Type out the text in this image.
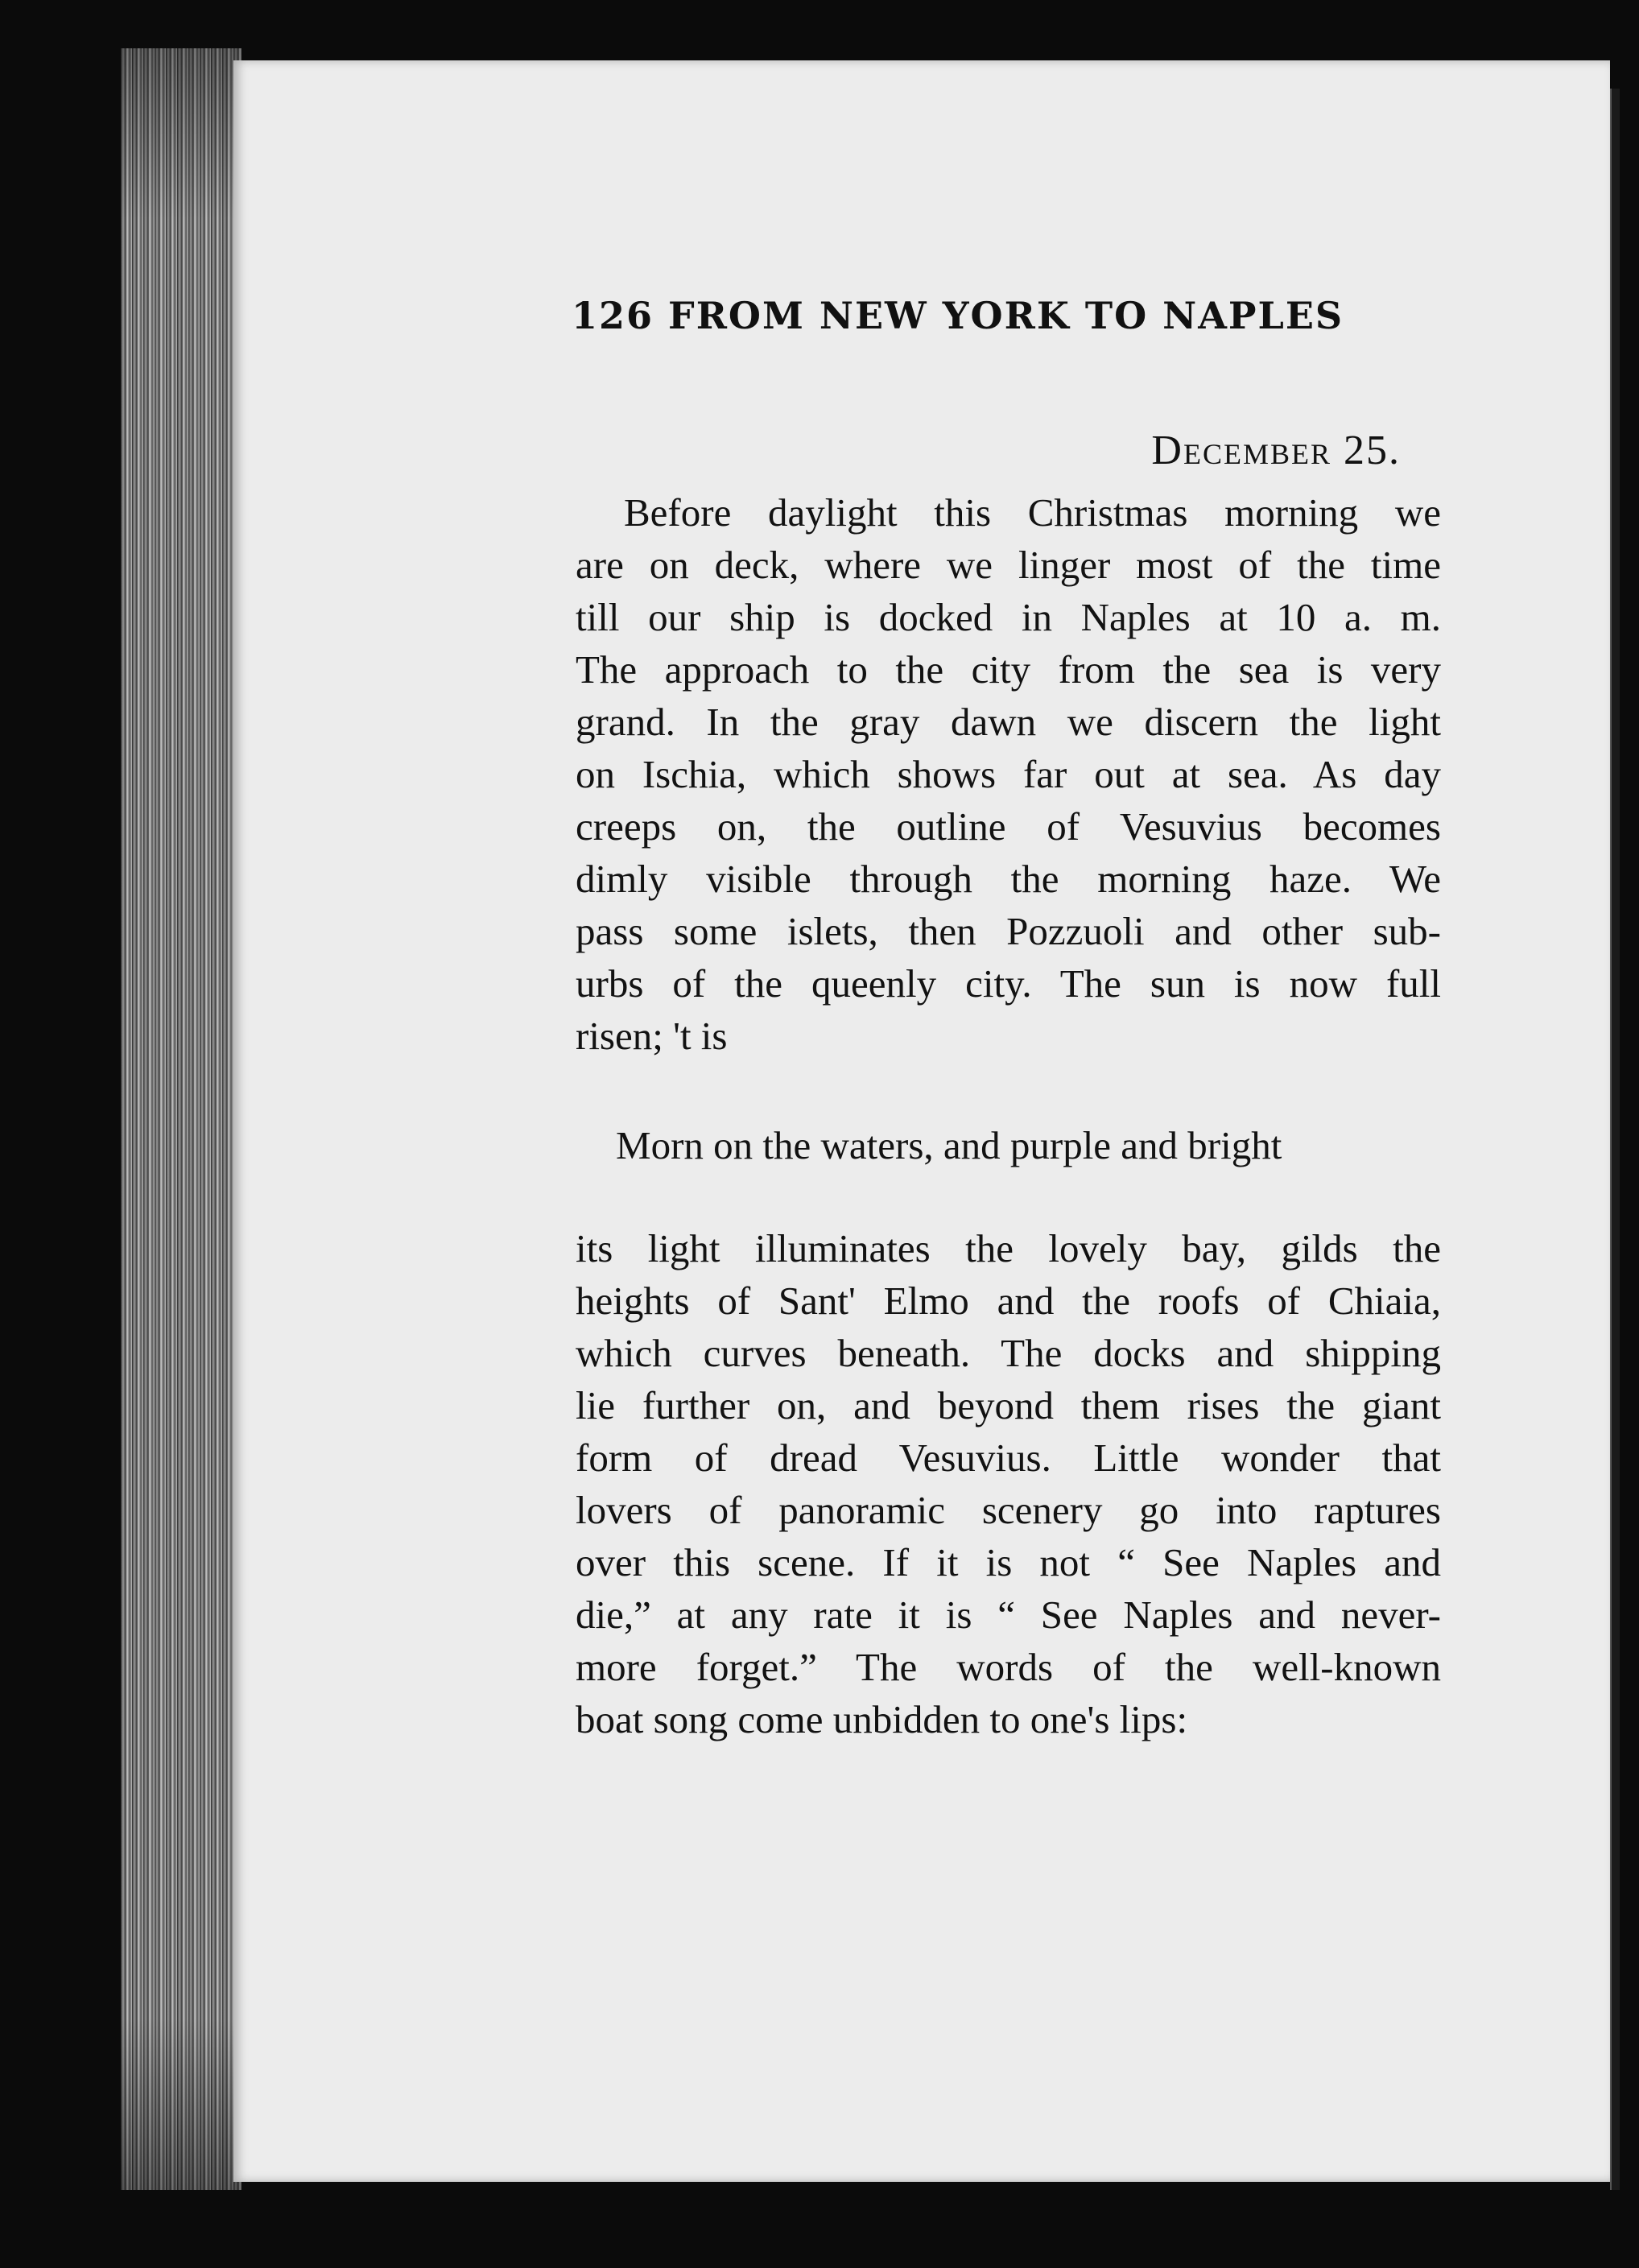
126 FROM NEW YORK TO NAPLES
December 25.
Before daylight this Christmas morning we
are on deck, where we linger most of the time
till our ship is docked in Naples at 10 a. m.
The approach to the city from the sea is very
grand. In the gray dawn we discern the light
on Ischia, which shows far out at sea. As day
creeps on, the outline of Vesuvius becomes
dimly visible through the morning haze. We
pass some islets, then Pozzuoli and other sub-
urbs of the queenly city. The sun is now full
risen; 't is
Morn on the waters, and purple and bright
its light illuminates the lovely bay, gilds the
heights of Sant' Elmo and the roofs of Chiaia,
which curves beneath. The docks and shipping
lie further on, and beyond them rises the giant
form of dread Vesuvius. Little wonder that
lovers of panoramic scenery go into raptures
over this scene. If it is not “ See Naples and
die,” at any rate it is “ See Naples and never-
more forget.” The words of the well-known
boat song come unbidden to one's lips:
